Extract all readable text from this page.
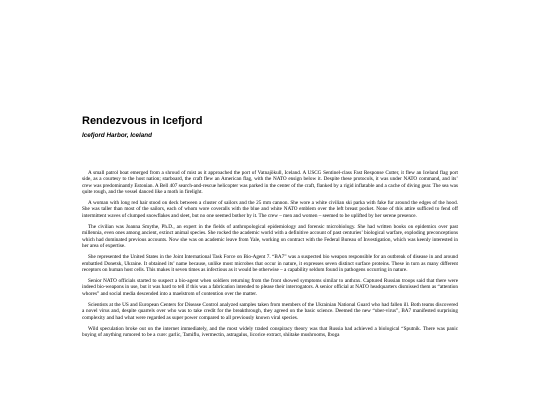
Rendezvous in Icefjord
Icefjord Harbor, Iceland

A small patrol boat emerged from a shroud of mist as it approached the port of Vatnajökull, Iceland. A USCG Sentinel-class Fast Response Cutter, it flew an Iceland flag port side, as a courtesy to the host nation; starboard, the craft flew an American flag, with the NATO ensign below it. Despite these protocols, it was under NATO command, and its’ crew was predominantly Estonian. A Bell 407 search-and-rescue helicopter was parked in the center of the craft, flanked by a rigid inflatable and a cache of diving gear. The sea was quite rough, and the vessel danced like a moth in firelight.

A woman with long red hair stood on deck between a cluster of sailors and the 25 mm cannon. She wore a white civilian ski parka with fake fur around the edges of the hood. She was taller than most of the sailors, each of whom wore coveralls with the blue and white NATO emblem over the left breast pocket. None of this attire sufficed to fend off intermittent waves of clumped snowflakes and sleet, but no one seemed bother by it. The crew – men and women – seemed to be uplifted by her serene presence.

The civilian was Joanna Smythe, Ph.D., an expert in the fields of anthropological epidemiology and forensic microbiology. She had written books on epidemics over past millennia, even ones among ancient, extinct animal species. She rocked the academic world with a definitive account of past centuries’ biological warfare, exploding preconceptions which had dominated previous accounts. Now she was on academic leave from Yale, working on contract with the Federal Bureau of Investigation, which was keenly interested in her area of expertise.

She represented the United States in the Joint International Task Force on Bio-Agent 7. “BA7” was a suspected bio weapon responsible for an outbreak of disease in and around embattled Donetsk, Ukraine. It obtained its’ name because, unlike most microbes that occur in nature, it expresses seven distinct surface proteins. These in turn as many different receptors on human host cells. This makes it seven times as infectious as it would be otherwise – a capability seldom found in pathogens occurring in nature.

Senior NATO officials started to suspect a bio-agent when soldiers returning from the front showed symptoms similar to anthrax. Captured Russian troops said that there were indeed bio-weapons in use, but it was hard to tell if this was a fabrication intended to please their interrogators. A senior official at NATO headquarters dismissed them as “attention whores” and social media descended into a maelstrom of contention over the matter.

Scientists at the US and European Centers for Disease Control analyzed samples taken from members of the Ukrainian National Guard who had fallen ill. Both teams discovered a novel virus and, despite quarrels over who was to take credit for the breakthrough, they agreed on the basic science. Deemed the new “uber-virus”, BA7 manifested surprising complexity and had what were regarded as super power compared to all previously known viral species.

Wild speculation broke out on the internet immediately, and the most widely traded conspiracy theory was that Russia had achieved a biological “Sputnik. There was panic buying of anything rumored to be a cure: garlic, Tamiflu, ivermectin, astragalus, licorice extract, shiitake mushrooms, Iboga
